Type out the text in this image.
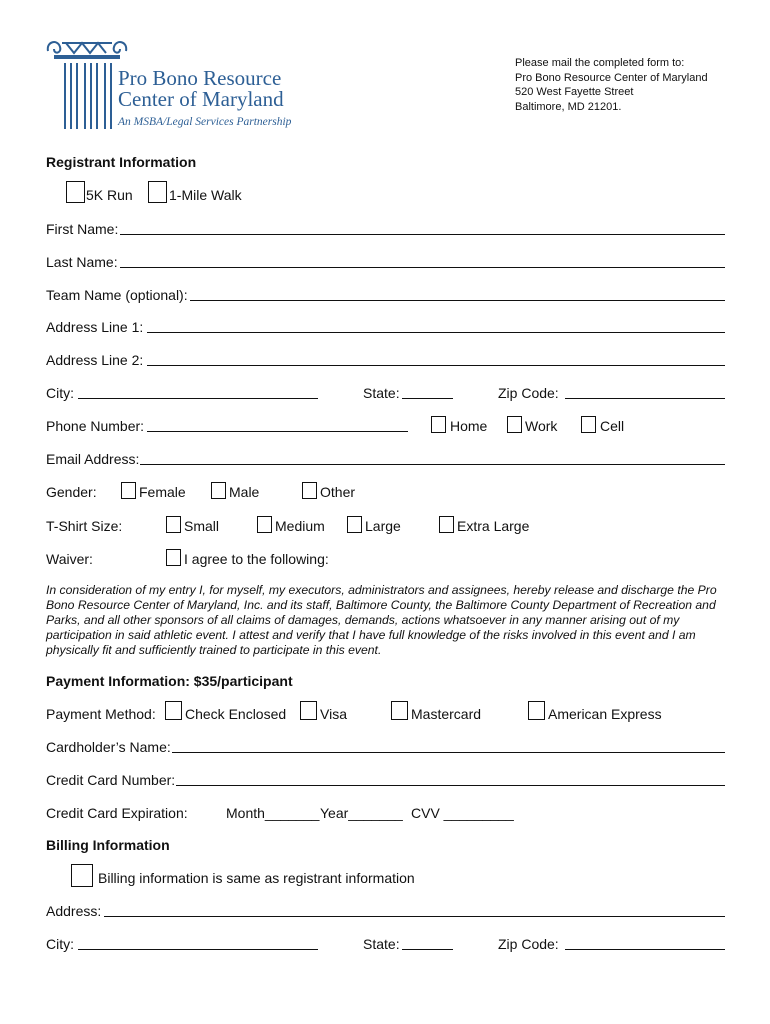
Pro Bono Resource
Center of Maryland
An MSBA/Legal Services Partnership
Please mail the completed form to:
Pro Bono Resource Center of Maryland
520 West Fayette Street
Baltimore, MD 21201.
Registrant Information
5K Run	1-Mile Walk
First Name:
Last Name:
Team Name (optional):
Address Line 1:
Address Line 2:
City:	State:	Zip Code:
Phone Number:	Home	Work	Cell
Email Address:
Gender:	Female	Male	Other
T-Shirt Size:	Small	Medium	Large	Extra Large
Waiver:	I agree to the following:
In consideration of my entry I, for myself, my executors, administrators and assignees, hereby release and discharge the Pro Bono Resource Center of Maryland, Inc. and its staff, Baltimore County, the Baltimore County Department of Recreation and Parks, and all other sponsors of all claims of damages, demands, actions whatsoever in any manner arising out of my participation in said athletic event. I attest and verify that I have full knowledge of the risks involved in this event and I am physically fit and sufficiently trained to participate in this event.
Payment Information: $35/participant
Payment Method: Check Enclosed Visa	Mastercard	American Express
Cardholder’s Name:
Credit Card Number:
Credit Card Expiration:	Month_______ Year_______ CVV _________
Billing Information
Billing information is same as registrant information
Address:
City:	State:	Zip Code:
